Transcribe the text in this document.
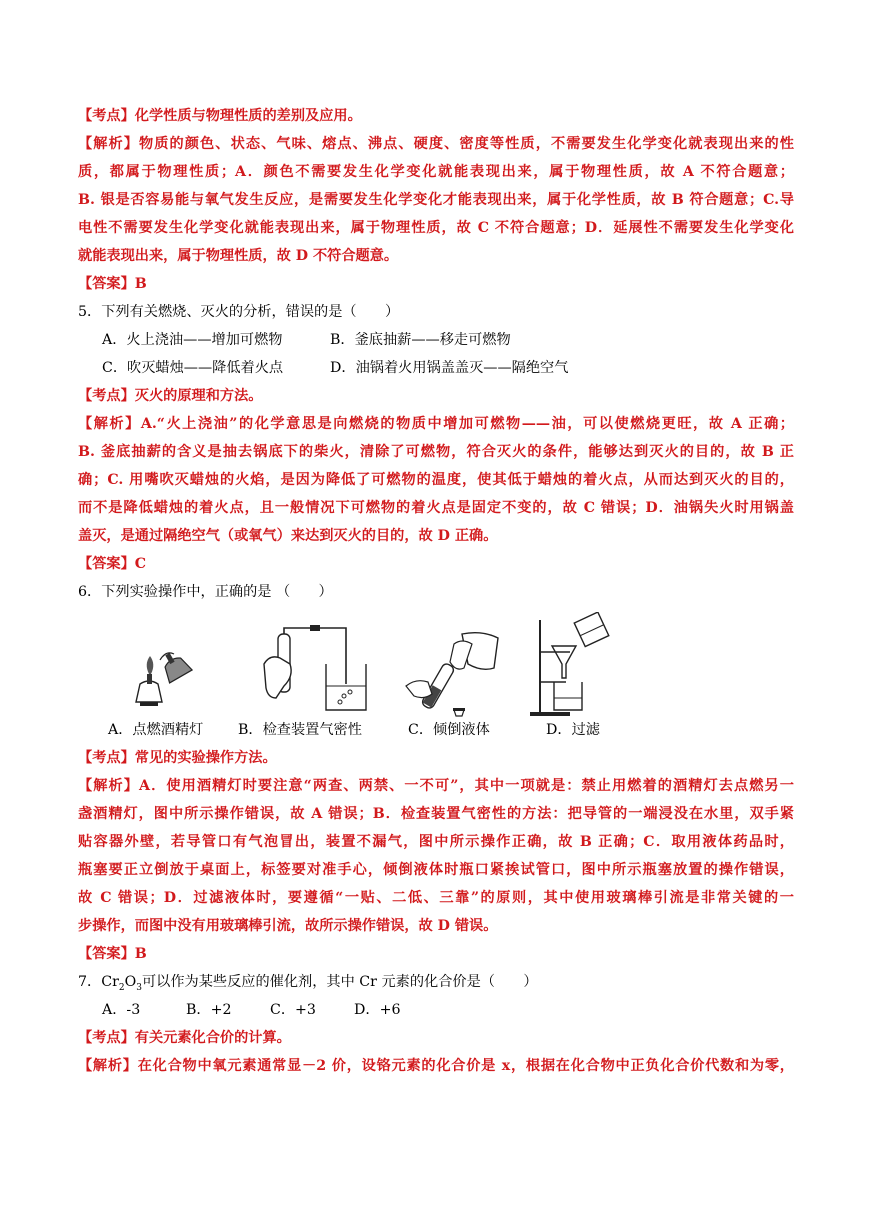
【考点】化学性质与物理性质的差别及应用。
【解析】物质的颜色、状态、气味、熔点、沸点、硬度、密度等性质，不需要发生化学变化就表现出来的性
质，都属于物理性质；A．颜色不需要发生化学变化就能表现出来，属于物理性质，故 A 不符合题意；
B. 银是否容易能与氧气发生反应，是需要发生化学变化才能表现出来，属于化学性质，故 B 符合题意；C.导
电性不需要发生化学变化就能表现出来，属于物理性质，故 C 不符合题意；D．延展性不需要发生化学变化
就能表现出来，属于物理性质，故 D 不符合题意。
【答案】B
5．下列有关燃烧、灭火的分析，错误的是（　　）
A．火上浇油——增加可燃物	B．釜底抽薪——移走可燃物
C．吹灭蜡烛——降低着火点	D．油锅着火用锅盖盖灭——隔绝空气
【考点】灭火的原理和方法。
【解析】A.“火上浇油”的化学意思是向燃烧的物质中增加可燃物——油，可以使燃烧更旺，故 A 正确；
B. 釜底抽薪的含义是抽去锅底下的柴火，清除了可燃物，符合灭火的条件，能够达到灭火的目的，故 B 正
确；C. 用嘴吹灭蜡烛的火焰，是因为降低了可燃物的温度，使其低于蜡烛的着火点，从而达到灭火的目的，
而不是降低蜡烛的着火点，且一般情况下可燃物的着火点是固定不变的，故 C 错误；D．油锅失火时用锅盖
盖灭，是通过隔绝空气（或氧气）来达到灭火的目的，故 D 正确。
【答案】C
6．下列实验操作中，正确的是 （　　）
A．点燃酒精灯 B．检查装置气密性	C．倾倒液体	D．过滤
【考点】常见的实验操作方法。
【解析】A．使用酒精灯时要注意“两查、两禁、一不可”，其中一项就是：禁止用燃着的酒精灯去点燃另一
盏酒精灯，图中所示操作错误，故 A 错误；B．检查装置气密性的方法：把导管的一端浸没在水里，双手紧
贴容器外壁，若导管口有气泡冒出，装置不漏气，图中所示操作正确，故 B 正确；C．取用液体药品时，
瓶塞要正立倒放于桌面上，标签要对准手心，倾倒液体时瓶口紧挨试管口，图中所示瓶塞放置的操作错误，
故 C 错误；D．过滤液体时，要遵循“一贴、二低、三靠”的原则，其中使用玻璃棒引流是非常关键的一
步操作，而图中没有用玻璃棒引流，故所示操作错误，故 D 错误。
【答案】B
7．$Cr_2O_3$可以作为某些反应的催化剂，其中 Cr 元素的化合价是（　　）
A．-3	B．+2	C．+3	D．+6
【考点】有关元素化合价的计算。
【解析】在化合物中氧元素通常显－2 价，设铬元素的化合价是 x，根据在化合物中正负化合价代数和为零，
